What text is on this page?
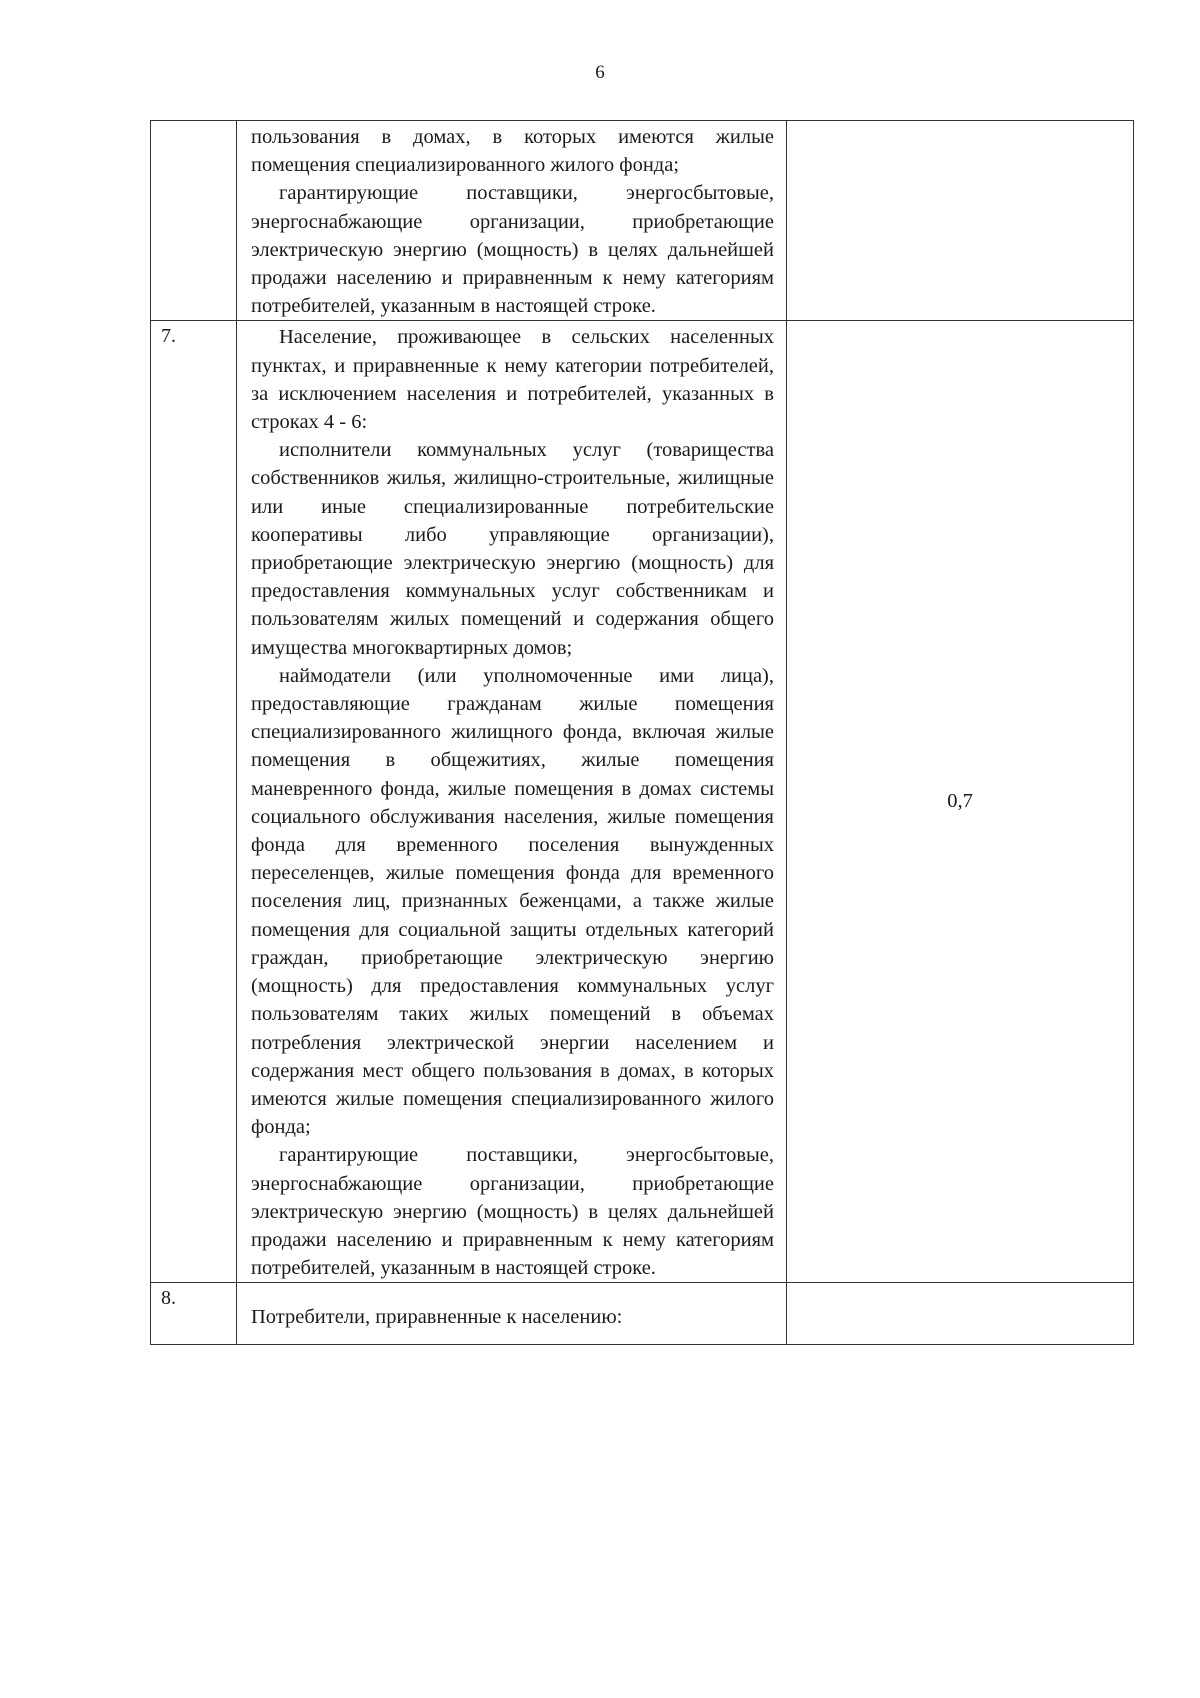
6

	пользования в домах, в которых имеются жилые помещения специализированного жилого фонда;

гарантирующие поставщики, энергосбытовые, энергоснабжающие организации, приобретающие электрическую энергию (мощность) в целях дальнейшей продажи населению и приравненным к нему категориям потребителей, указанным в настоящей строке.	

7.	Население, проживающее в сельских населенных пунктах, и приравненные к нему категории потребителей, за исключением населения и потребителей, указанных в строках 4 - 6:

исполнители коммунальных услуг (товарищества собственников жилья, жилищно-строительные, жилищные или иные специализированные потребительские кооперативы либо управляющие организации), приобретающие электрическую энергию (мощность) для предоставления коммунальных услуг собственникам и пользователям жилых помещений и содержания общего имущества многоквартирных домов;

наймодатели (или уполномоченные ими лица), предоставляющие гражданам жилые помещения специализированного жилищного фонда, включая жилые помещения в общежитиях, жилые помещения маневренного фонда, жилые помещения в домах системы социального обслуживания населения, жилые помещения фонда для временного поселения вынужденных переселенцев, жилые помещения фонда для временного поселения лиц, признанных беженцами, а также жилые помещения для социальной защиты отдельных категорий граждан, приобретающие электрическую энергию (мощность) для предоставления коммунальных услуг пользователям таких жилых помещений в объемах потребления электрической энергии населением и содержания мест общего пользования в домах, в которых имеются жилые помещения специализированного жилого фонда;

гарантирующие поставщики, энергосбытовые, энергоснабжающие организации, приобретающие электрическую энергию (мощность) в целях дальнейшей продажи населению и приравненным к нему категориям потребителей, указанным в настоящей строке.	0,7
8.	Потребители, приравненные к населению:	
